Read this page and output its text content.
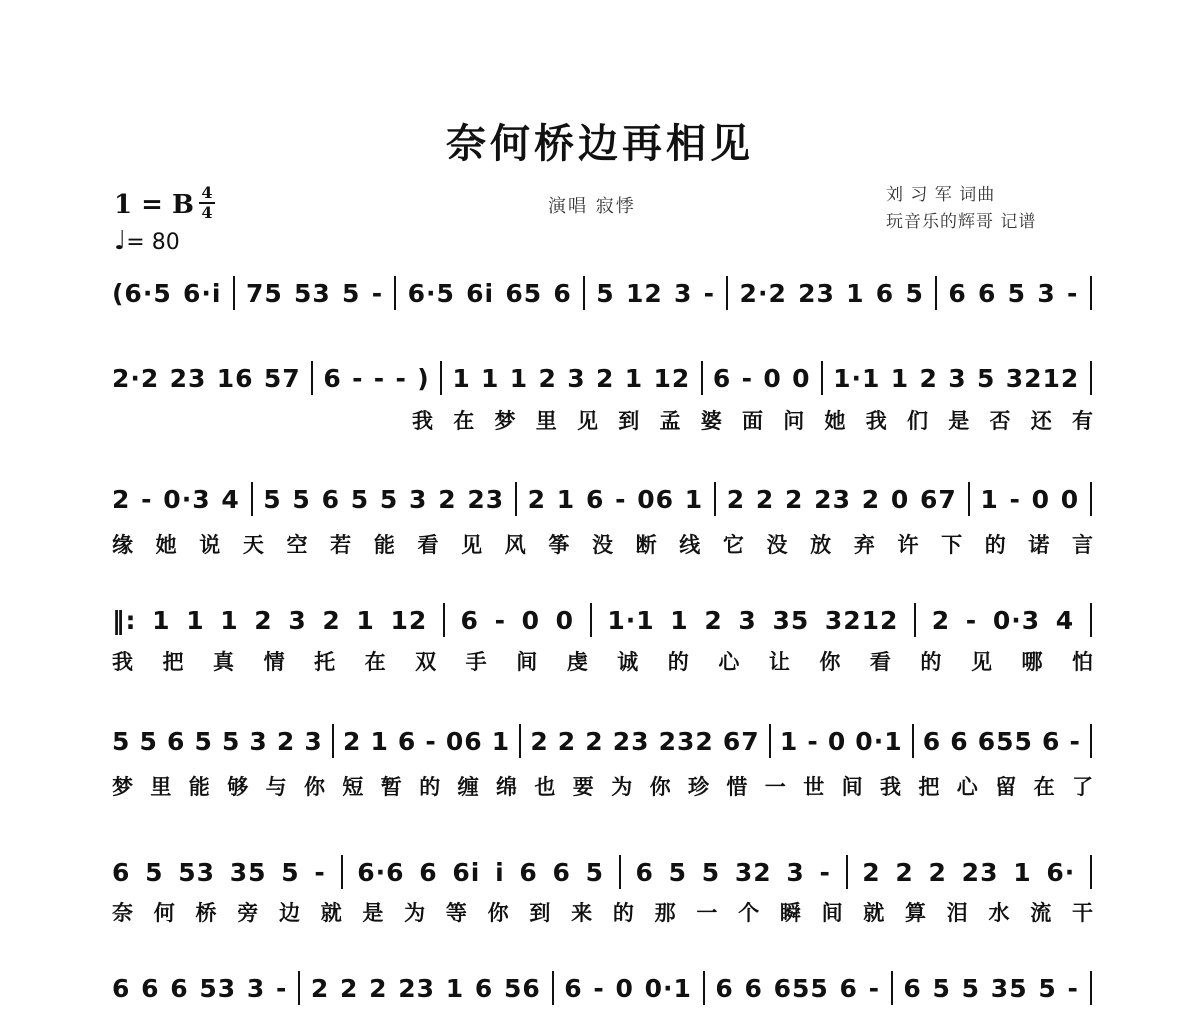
奈何桥边再相见
1 = B 4
4
♩= 80
演唱 寂悸
刘 习 军 词曲
玩音乐的辉哥 记谱
(6·5 6·i 75 53 5 - 6·5 6i 65 6 5 12 3 - 2·2 23 1 6 5 6 6 5 3 -
2·2 23 16 57 6 - - - ) 1 1 1 2 3 2 1 12 6 - 0 0 1·1 1 2 3 5 3212
我 在 梦 里 见 到 孟 婆 面 问 她 我 们 是 否 还 有
2 - 0·3 4 5 5 6 5 5 3 2 23 2 1 6 - 06 1 2 2 2 23 2 0 67 1 - 0 0
缘 她 说 天 空 若 能 看 见 风 筝 没 断 线 它 没 放 弃 许 下 的 诺 言
‖: 1 1 1 2 3 2 1 12 6 - 0 0 1·1 1 2 3 35 3212 2 - 0·3 4
我 把 真 情 托 在 双 手 间 虔 诚 的 心 让 你 看 的 见 哪 怕
5 5 6 5 5 3 2 3 2 1 6 - 06 1 2 2 2 23 232 67 1 - 0 0·1 6 6 655 6 -
梦 里 能 够 与 你 短 暂 的 缠 绵 也 要 为 你 珍 惜 一 世 间 我 把 心 留 在 了
6 5 53 35 5 - 6·6 6 6i i 6 6 5 6 5 5 32 3 - 2 2 2 23 1 6·
奈 何 桥 旁 边 就 是 为 等 你 到 来 的 那 一 个 瞬 间 就 算 泪 水 流 干
6 6 6 53 3 - 2 2 2 23 1 6 56 6 - 0 0·1 6 6 655 6 - 6 5 5 35 5 -
